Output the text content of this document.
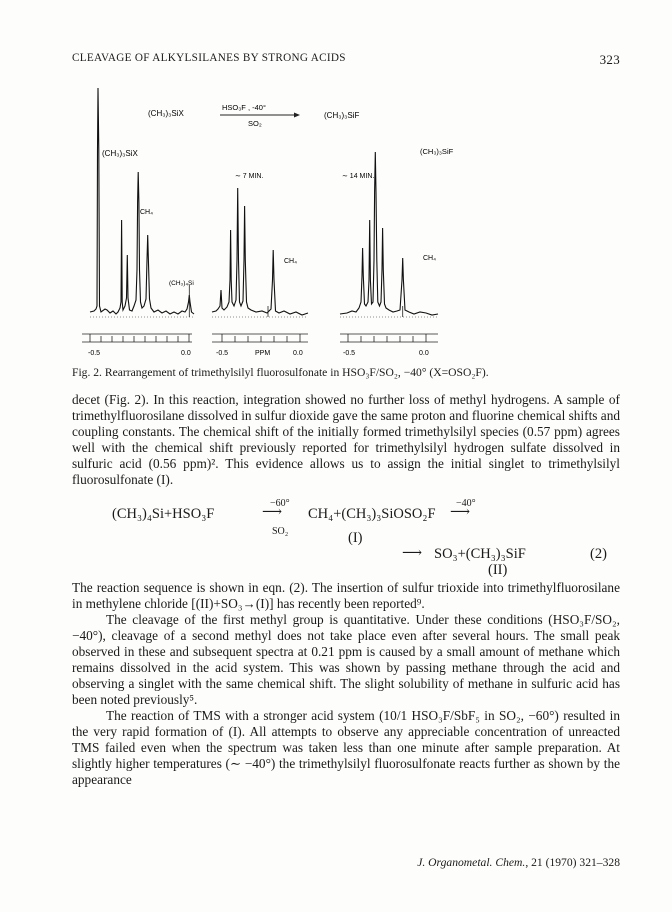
CLEAVAGE OF ALKYLSILANES BY STRONG ACIDS	323
(CH₃)₃SiX
HSO₃F , -40°
SO₂
(CH₃)₃SiF
(CH₃)₃SiX	(CH₃)₃SiF
CH₄
(CH₃)₄Si
CH₄	CH₄
∼ 7 MIN.	∼ 14 MIN.
-0.5	0.0	-0.5	PPM	0.0	-0.5	0.0
Fig. 2. Rearrangement of trimethylsilyl fluorosulfonate in HSO₃F/SO₂, −40° (X=OSO₂F).

decet (Fig. 2). In this reaction, integration showed no further loss of methyl hydrogens. A sample of trimethylfluorosilane dissolved in sulfur dioxide gave the same proton and fluorine chemical shifts and coupling constants. The chemical shift of the initially formed trimethylsilyl species (0.57 ppm) agrees well with the chemical shift previously reported for trimethylsilyl hydrogen sulfate dissolved in sulfuric acid (0.56 ppm)². This evidence allows us to assign the initial singlet to trimethylsilyl fluorosulfonate (I).

(CH₃)₄Si+HSO₃F
−60°
⟶
SO₂
CH₄+(CH₃)₃SiOSO₂F
−40°
⟶
(I)
⟶ SO₃+(CH₃)₃SiF	(2)
(II)

The reaction sequence is shown in eqn. (2). The insertion of sulfur trioxide into trimethylfluorosilane in methylene chloride [(II)+SO₃→(I)] has recently been reported⁹.

The cleavage of the first methyl group is quantitative. Under these conditions (HSO₃F/SO₂, −40°), cleavage of a second methyl does not take place even after several hours. The small peak observed in these and subsequent spectra at 0.21 ppm is caused by a small amount of methane which remains dissolved in the acid system. This was shown by passing methane through the acid and observing a singlet with the same chemical shift. The slight solubility of methane in sulfuric acid has been noted previously⁵.

The reaction of TMS with a stronger acid system (10/1 HSO₃F/SbF₅ in SO₂, −60°) resulted in the very rapid formation of (I). All attempts to observe any appreciable concentration of unreacted TMS failed even when the spectrum was taken less than one minute after sample preparation. At slightly higher temperatures (∼ −40°) the trimethylsilyl fluorosulfonate reacts further as shown by the appearance

J. Organometal. Chem., 21 (1970) 321–328
